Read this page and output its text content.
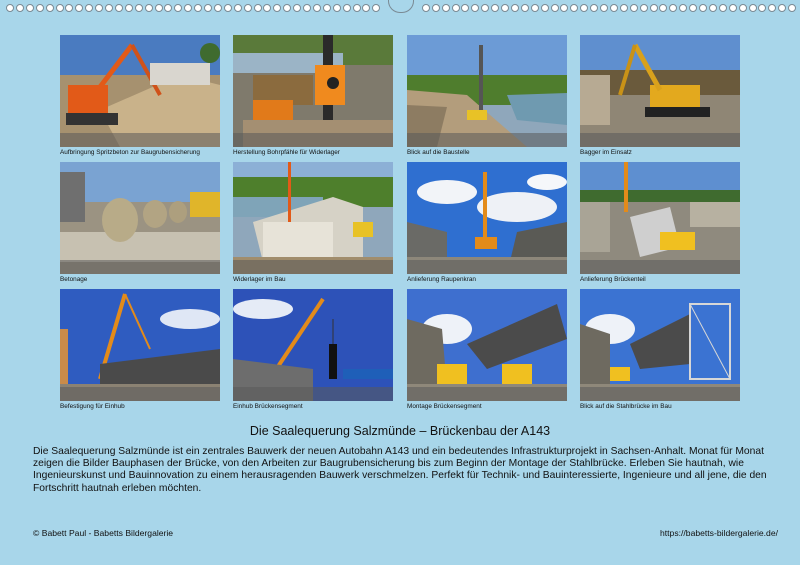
Aufbringung Spritzbeton zur Baugrubensicherung	Herstellung Bohrpfähle für Widerlager	Blick auf die Baustelle	Bagger im Einsatz
Betonage	Widerlager im Bau	Anlieferung Raupenkran	Anlieferung Brückenteil
Befestigung für Einhub	Einhub Brückensegment	Montage Brückensegment	Blick auf die Stahlbrücke im Bau
Die Saalequerung Salzmünde – Brückenbau der A143
Die Saalequerung Salzmünde ist ein zentrales Bauwerk der neuen Autobahn A143 und ein bedeutendes Infrastrukturprojekt in Sachsen-Anhalt. Monat für Monat zeigen die Bilder Bauphasen der Brücke, von den Arbeiten zur Baugrubensicherung bis zum Beginn der Montage der Stahlbrücke. Erleben Sie hautnah, wie Ingenieurskunst und Bauinnovation zu einem herausragenden Bauwerk verschmelzen. Perfekt für Technik- und Bauinteressierte, Ingenieure und all jene, die den Fortschritt hautnah erleben möchten.
© Babett Paul - Babetts Bildergalerie	https://babetts-bildergalerie.de/
